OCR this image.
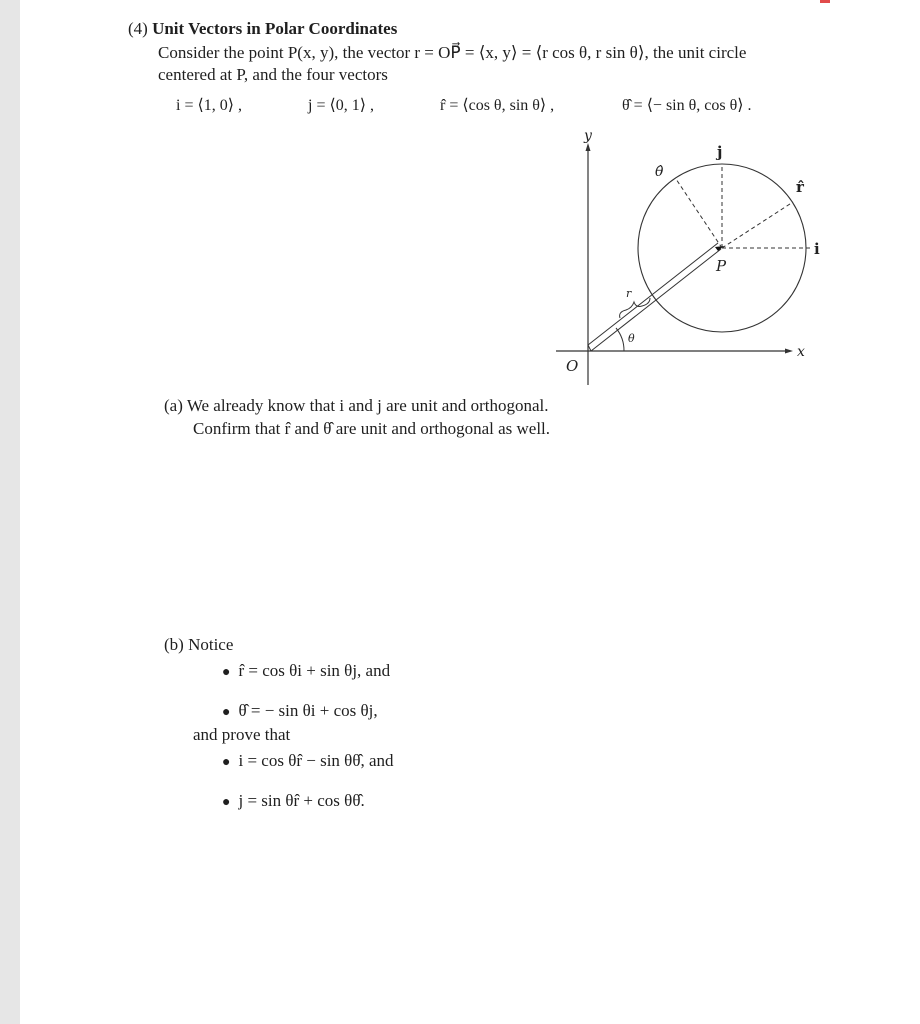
(4) Unit Vectors in Polar Coordinates
Consider the point P(x, y), the vector r = OP⃗ = ⟨x, y⟩ = ⟨r cos θ, r sin θ⟩, the unit circle
centered at P, and the four vectors
i = ⟨1, 0⟩ ,	j = ⟨0, 1⟩ ,	r̂ = ⟨cos θ, sin θ⟩ ,	θ̂ = ⟨− sin θ, cos θ⟩ .
y
x
O
P
r
θ
j
i
r̂
θ̂
(a) We already know that i and j are unit and orthogonal.
Confirm that r̂ and θ̂ are unit and orthogonal as well.
(b) Notice
● r̂ = cos θi + sin θj, and
● θ̂ = − sin θi + cos θj,
and prove that
● i = cos θr̂ − sin θθ̂, and
● j = sin θr̂ + cos θθ̂.
